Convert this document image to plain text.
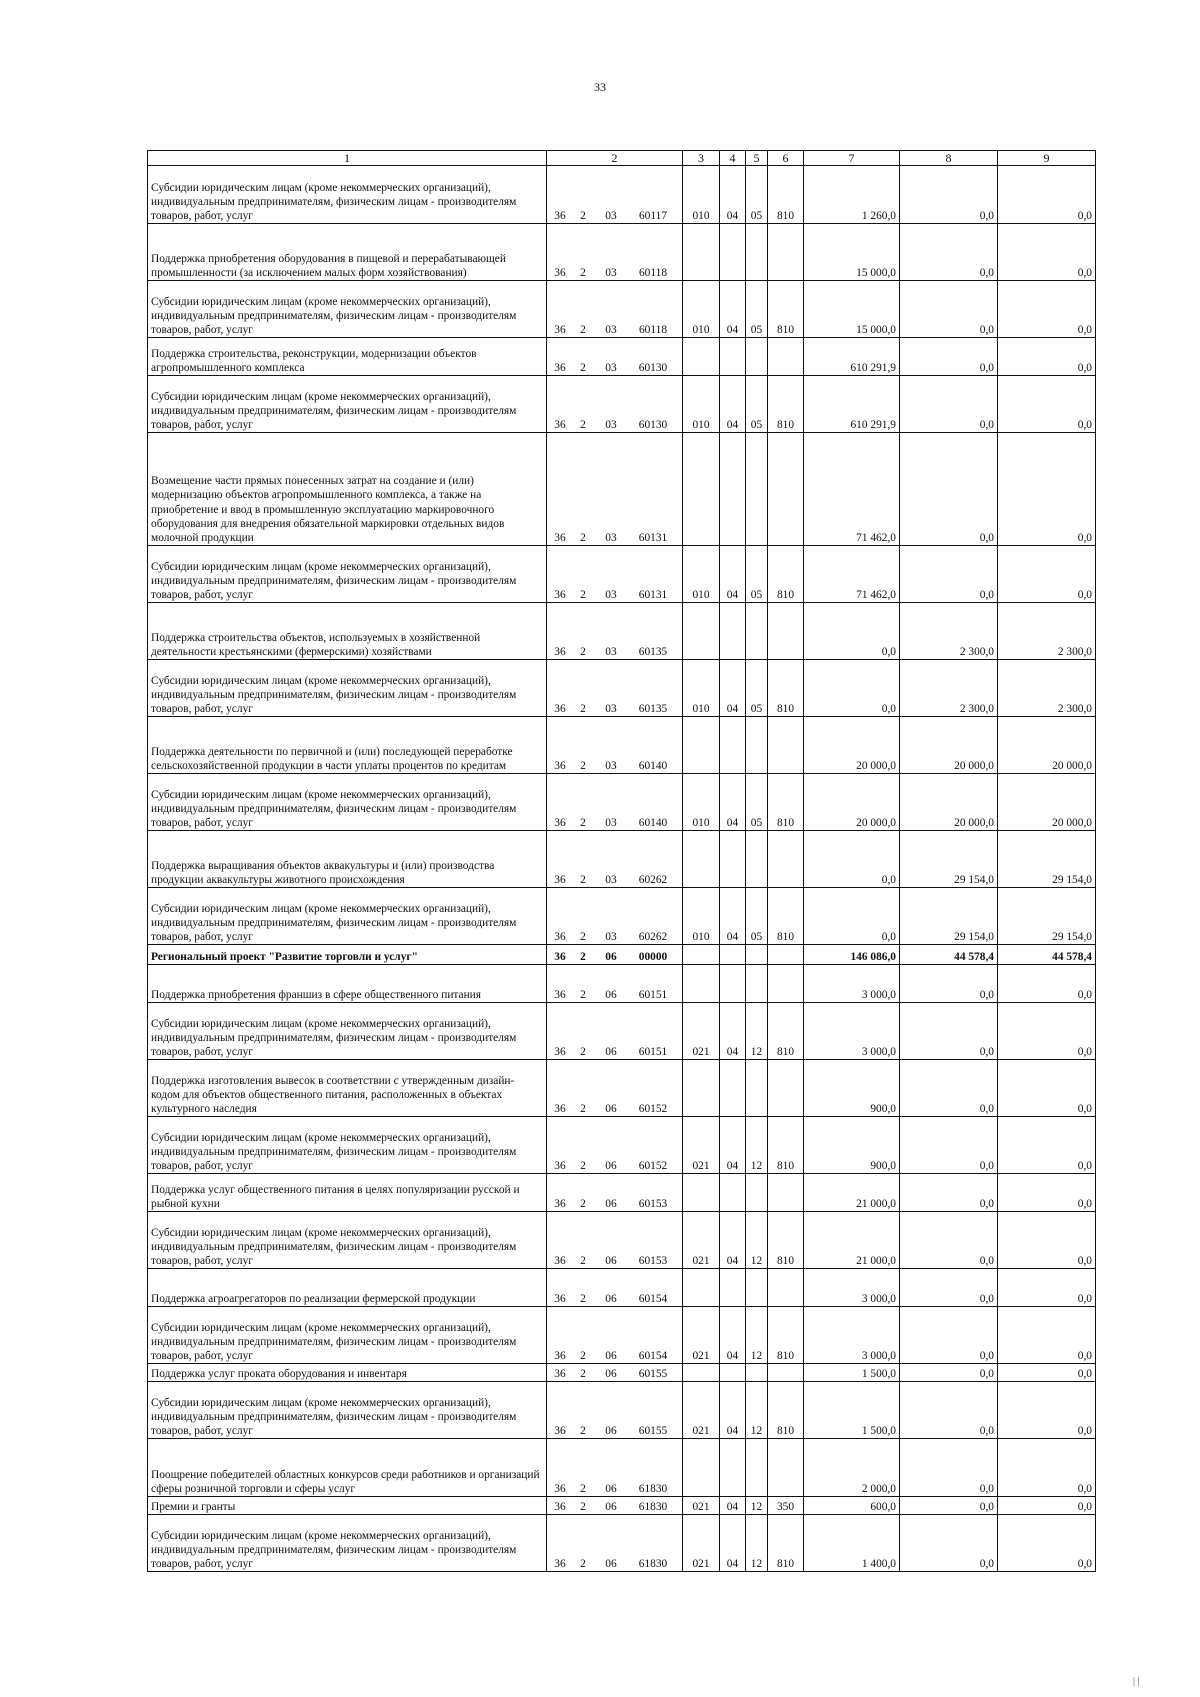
33
1	2	3	4	5	6	7	8	9
Субсидии юридическим лицам (кроме некоммерческих организаций), индивидуальным предпринимателям, физическим лицам - производителям товаров, работ, услуг	36 2 03 60117	010	04	05	810	1 260,0	0,0	0,0
Поддержка приобретения оборудования в пищевой и перерабатывающей промышленности (за исключением малых форм хозяйствования)	36 2 03 60118					15 000,0	0,0	0,0
Субсидии юридическим лицам (кроме некоммерческих организаций), индивидуальным предпринимателям, физическим лицам - производителям товаров, работ, услуг	36 2 03 60118	010	04	05	810	15 000,0	0,0	0,0
Поддержка строительства, реконструкции, модернизации объектов агропромышленного комплекса	36 2 03 60130					610 291,9	0,0	0,0
Субсидии юридическим лицам (кроме некоммерческих организаций), индивидуальным предпринимателям, физическим лицам - производителям товаров, работ, услуг	36 2 03 60130	010	04	05	810	610 291,9	0,0	0,0
Возмещение части прямых понесенных затрат на создание и (или) модернизацию объектов агропромышленного комплекса, а также на приобретение и ввод в промышленную эксплуатацию маркировочного оборудования для внедрения обязательной маркировки отдельных видов молочной продукции	36 2 03 60131					71 462,0	0,0	0,0
Субсидии юридическим лицам (кроме некоммерческих организаций), индивидуальным предпринимателям, физическим лицам - производителям товаров, работ, услуг	36 2 03 60131	010	04	05	810	71 462,0	0,0	0,0
Поддержка строительства объектов, используемых в хозяйственной деятельности крестьянскими (фермерскими) хозяйствами	36 2 03 60135					0,0	2 300,0	2 300,0
Субсидии юридическим лицам (кроме некоммерческих организаций), индивидуальным предпринимателям, физическим лицам - производителям товаров, работ, услуг	36 2 03 60135	010	04	05	810	0,0	2 300,0	2 300,0
Поддержка деятельности по первичной и (или) последующей переработке сельскохозяйственной продукции в части уплаты процентов по кредитам	36 2 03 60140					20 000,0	20 000,0	20 000,0
Субсидии юридическим лицам (кроме некоммерческих организаций), индивидуальным предпринимателям, физическим лицам - производителям товаров, работ, услуг	36 2 03 60140	010	04	05	810	20 000,0	20 000,0	20 000,0
Поддержка выращивания объектов аквакультуры и (или) производства продукции аквакультуры животного происхождения	36 2 03 60262					0,0	29 154,0	29 154,0
Субсидии юридическим лицам (кроме некоммерческих организаций), индивидуальным предпринимателям, физическим лицам - производителям товаров, работ, услуг	36 2 03 60262	010	04	05	810	0,0	29 154,0	29 154,0
Региональный проект "Развитие торговли и услуг"	36 2 06 00000					146 086,0	44 578,4	44 578,4
Поддержка приобретения франшиз в сфере общественного питания	36 2 06 60151					3 000,0	0,0	0,0
Субсидии юридическим лицам (кроме некоммерческих организаций), индивидуальным предпринимателям, физическим лицам - производителям товаров, работ, услуг	36 2 06 60151	021	04	12	810	3 000,0	0,0	0,0
Поддержка изготовления вывесок в соответствии с утвержденным дизайн-кодом для объектов общественного питания, расположенных в объектах культурного наследия	36 2 06 60152					900,0	0,0	0,0
Субсидии юридическим лицам (кроме некоммерческих организаций), индивидуальным предпринимателям, физическим лицам - производителям товаров, работ, услуг	36 2 06 60152	021	04	12	810	900,0	0,0	0,0
Поддержка услуг общественного питания в целях популяризации русской и рыбной кухни	36 2 06 60153					21 000,0	0,0	0,0
Субсидии юридическим лицам (кроме некоммерческих организаций), индивидуальным предпринимателям, физическим лицам - производителям товаров, работ, услуг	36 2 06 60153	021	04	12	810	21 000,0	0,0	0,0
Поддержка агроагрегаторов по реализации фермерской продукции	36 2 06 60154					3 000,0	0,0	0,0
Субсидии юридическим лицам (кроме некоммерческих организаций), индивидуальным предпринимателям, физическим лицам - производителям товаров, работ, услуг	36 2 06 60154	021	04	12	810	3 000,0	0,0	0,0
Поддержка услуг проката оборудования и инвентаря	36 2 06 60155					1 500,0	0,0	0,0
Субсидии юридическим лицам (кроме некоммерческих организаций), индивидуальным предпринимателям, физическим лицам - производителям товаров, работ, услуг	36 2 06 60155	021	04	12	810	1 500,0	0,0	0,0
Поощрение победителей областных конкурсов среди работников и организаций сферы розничной торговли и сферы услуг	36 2 06 61830					2 000,0	0,0	0,0
Премии и гранты	36 2 06 61830	021	04	12	350	600,0	0,0	0,0
Субсидии юридическим лицам (кроме некоммерческих организаций), индивидуальным предпринимателям, физическим лицам - производителям товаров, работ, услуг	36 2 06 61830	021	04	12	810	1 400,0	0,0	0,0
| |
